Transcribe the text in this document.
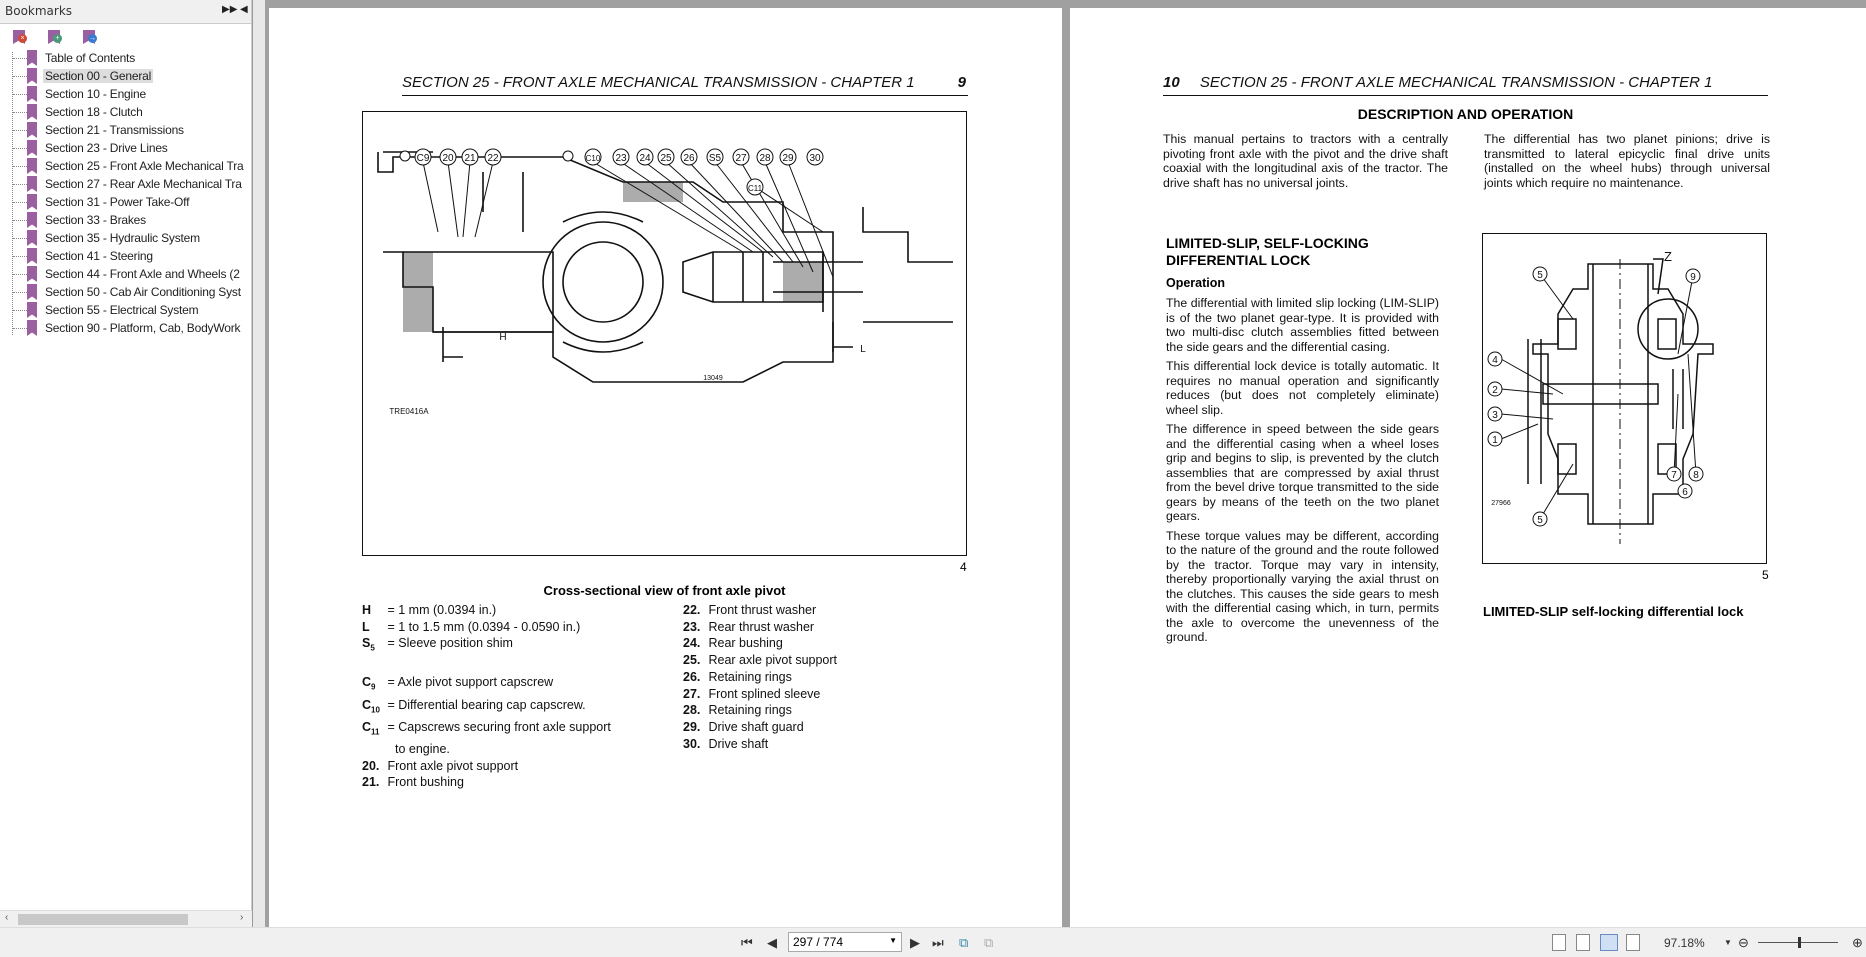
Bookmarks	▶▶ ◀
×	+	→
Table of Contents
Section 00 - General
Section 10 - Engine
Section 18 - Clutch
Section 21 - Transmissions
Section 23 - Drive Lines
Section 25 - Front Axle Mechanical Tra
Section 27 - Rear Axle Mechanical Tra
Section 31 - Power Take-Off
Section 33 - Brakes
Section 35 - Hydraulic System
Section 41 - Steering
Section 44 - Front Axle and Wheels (2
Section 50 - Cab Air Conditioning Syst
Section 55 - Electrical System
Section 90 - Platform, Cab, BodyWork
‹	›
SECTION 25 - FRONT AXLE MECHANICAL TRANSMISSION - CHAPTER 1	9
C9 20 21 22	C10 23 24 25 26 S5 27 28 29
C11
30
H
L
13049
TRE0416A
4
Cross-sectional view of front axle pivot
H = 1 mm (0.0394 in.)
L = 1 to 1.5 mm (0.0394 - 0.0590 in.)
$S_5$ = Sleeve position shim
$C_9$ = Axle pivot support capscrew
$C_{10}$ = Differential bearing cap capscrew.
$C_{11}$ = Capscrews securing front axle support
to engine.
20. Front axle pivot support
21. Front bushing
22. Front thrust washer
23. Rear thrust washer
24. Rear bushing
25. Rear axle pivot support
26. Retaining rings
27. Front splined sleeve
28. Retaining rings
29. Drive shaft guard
30. Drive shaft
10 SECTION 25 - FRONT AXLE MECHANICAL TRANSMISSION - CHAPTER 1
DESCRIPTION AND OPERATION
This manual pertains to tractors with a centrally pivoting front axle with the pivot and the drive shaft coaxial with the longitudinal axis of the tractor. The drive shaft has no universal joints.
The differential has two planet pinions; drive is transmitted to lateral epicyclic final drive units (installed on the wheel hubs) through universal joints which require no maintenance.
LIMITED-SLIP, SELF-LOCKING DIFFERENTIAL LOCK
Operation

The differential with limited slip locking (LIM-SLIP) is of the two planet gear-type. It is provided with two multi-disc clutch assemblies fitted between the side gears and the differential casing.

This differential lock device is totally automatic. It requires no manual operation and significantly reduces (but does not completely eliminate) wheel slip.

The difference in speed between the side gears and the differential casing when a wheel loses grip and begins to slip, is prevented by the clutch assemblies that are compressed by axial thrust from the bevel drive torque transmitted to the side gears by means of the teeth on the two planet gears.

These torque values may be different, according to the nature of the ground and the route followed by the tractor. Torque may vary in intensity, thereby proportionally varying the axial thrust on the clutches. This causes the side gears to mesh with the differential casing which, in turn, permits the axle to overcome the unevenness of the ground.

Z
5	9
4
2
3
1
5
7 8
6
27966
5
LIMITED-SLIP self-locking differential lock
⏮ ◀	297 / 774	▼ ▶ ⏭ ⧉ ⧉	97.18% ▼ ⊖	⊕
